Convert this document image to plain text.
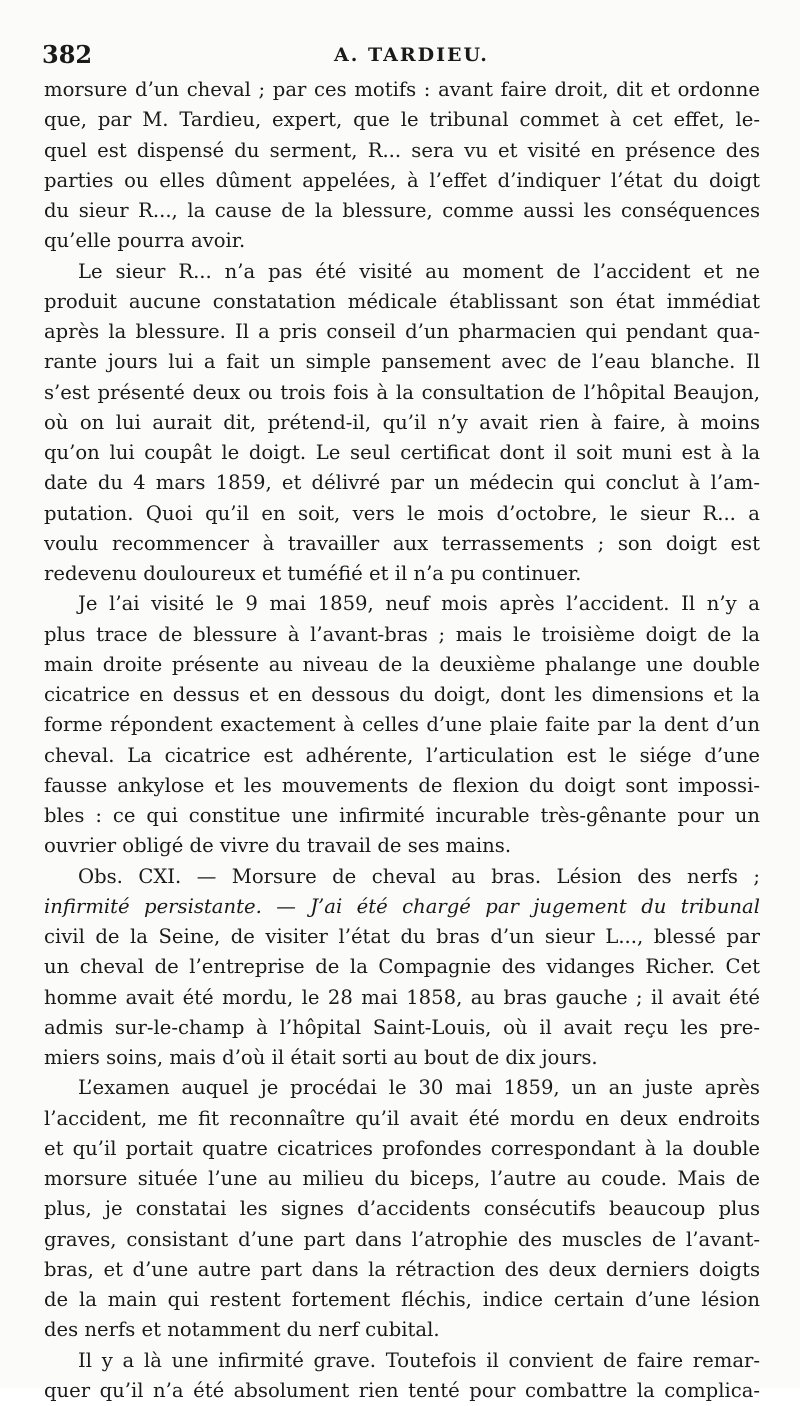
382	A. TARDIEU.
morsure d’un cheval ; par ces motifs : avant faire droit, dit et ordonne
que, par M. Tardieu, expert, que le tribunal commet à cet effet, le-
quel est dispensé du serment, R... sera vu et visité en présence des
parties ou elles dûment appelées, à l’effet d’indiquer l’état du doigt
du sieur R..., la cause de la blessure, comme aussi les conséquences
qu’elle pourra avoir.
Le sieur R... n’a pas été visité au moment de l’accident et ne
produit aucune constatation médicale établissant son état immédiat
après la blessure. Il a pris conseil d’un pharmacien qui pendant qua-
rante jours lui a fait un simple pansement avec de l’eau blanche. Il
s’est présenté deux ou trois fois à la consultation de l’hôpital Beaujon,
où on lui aurait dit, prétend-il, qu’il n’y avait rien à faire, à moins
qu’on lui coupât le doigt. Le seul certificat dont il soit muni est à la
date du 4 mars 1859, et délivré par un médecin qui conclut à l’am-
putation. Quoi qu’il en soit, vers le mois d’octobre, le sieur R... a
voulu recommencer à travailler aux terrassements ; son doigt est
redevenu douloureux et tuméfié et il n’a pu continuer.
Je l’ai visité le 9 mai 1859, neuf mois après l’accident. Il n’y a
plus trace de blessure à l’avant-bras ; mais le troisième doigt de la
main droite présente au niveau de la deuxième phalange une double
cicatrice en dessus et en dessous du doigt, dont les dimensions et la
forme répondent exactement à celles d’une plaie faite par la dent d’un
cheval. La cicatrice est adhérente, l’articulation est le siége d’une
fausse ankylose et les mouvements de flexion du doigt sont impossi-
bles : ce qui constitue une infirmité incurable très-gênante pour un
ouvrier obligé de vivre du travail de ses mains.
Obs. CXI. — Morsure de cheval au bras. Lésion des nerfs ;
infirmité persistante. — J’ai été chargé par jugement du tribunal
civil de la Seine, de visiter l’état du bras d’un sieur L..., blessé par
un cheval de l’entreprise de la Compagnie des vidanges Richer. Cet
homme avait été mordu, le 28 mai 1858, au bras gauche ; il avait été
admis sur-le-champ à l’hôpital Saint-Louis, où il avait reçu les pre-
miers soins, mais d’où il était sorti au bout de dix jours.
L’examen auquel je procédai le 30 mai 1859, un an juste après
l’accident, me fit reconnaître qu’il avait été mordu en deux endroits
et qu’il portait quatre cicatrices profondes correspondant à la double
morsure située l’une au milieu du biceps, l’autre au coude. Mais de
plus, je constatai les signes d’accidents consécutifs beaucoup plus
graves, consistant d’une part dans l’atrophie des muscles de l’avant-
bras, et d’une autre part dans la rétraction des deux derniers doigts
de la main qui restent fortement fléchis, indice certain d’une lésion
des nerfs et notamment du nerf cubital.
Il y a là une infirmité grave. Toutefois il convient de faire remar-
quer qu’il n’a été absolument rien tenté pour combattre la complica-
